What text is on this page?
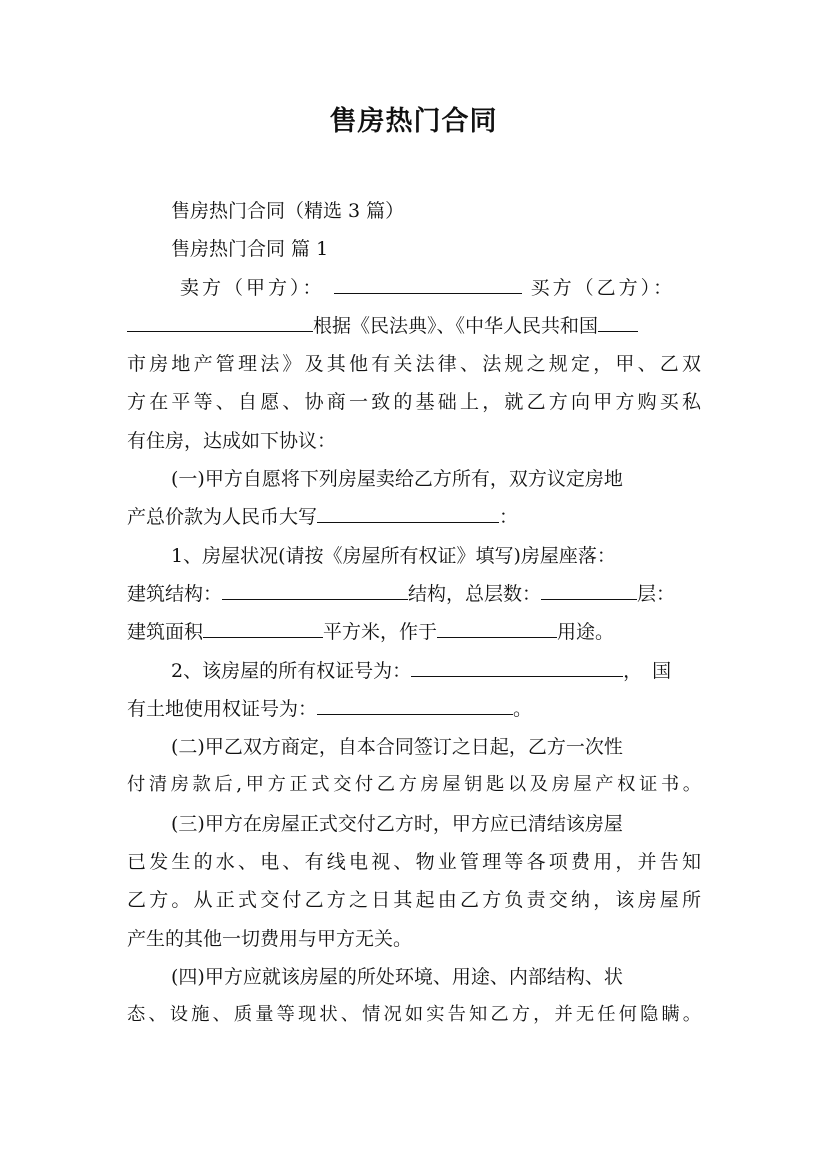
售房热门合同
售房热门合同（精选 3 篇）
售房热门合同 篇 1
卖方（甲方）：	买方（乙方）：
根据《民法典》、《中华人民共和国
市房地产管理法》及其他有关法律、法规之规定，甲、乙双
方在平等、自愿、协商一致的基础上，就乙方向甲方购买私
有住房，达成如下协议：
(一)甲方自愿将下列房屋卖给乙方所有，双方议定房地
产总价款为人民币大写	：
1、房屋状况(请按《房屋所有权证》填写)房屋座落：
建筑结构：	结构，总层数：	层：
建筑面积	平方米，作于	用途。
2、该房屋的所有权证号为：	，国
有土地使用权证号为：	。
(二)甲乙双方商定，自本合同签订之日起，乙方一次性
付清房款后,甲方正式交付乙方房屋钥匙以及房屋产权证书。
(三)甲方在房屋正式交付乙方时，甲方应已清结该房屋
已发生的水、电、有线电视、物业管理等各项费用，并告知
乙方。从正式交付乙方之日其起由乙方负责交纳，该房屋所
产生的其他一切费用与甲方无关。
(四)甲方应就该房屋的所处环境、用途、内部结构、状
态、设施、质量等现状、情况如实告知乙方，并无任何隐瞒。
